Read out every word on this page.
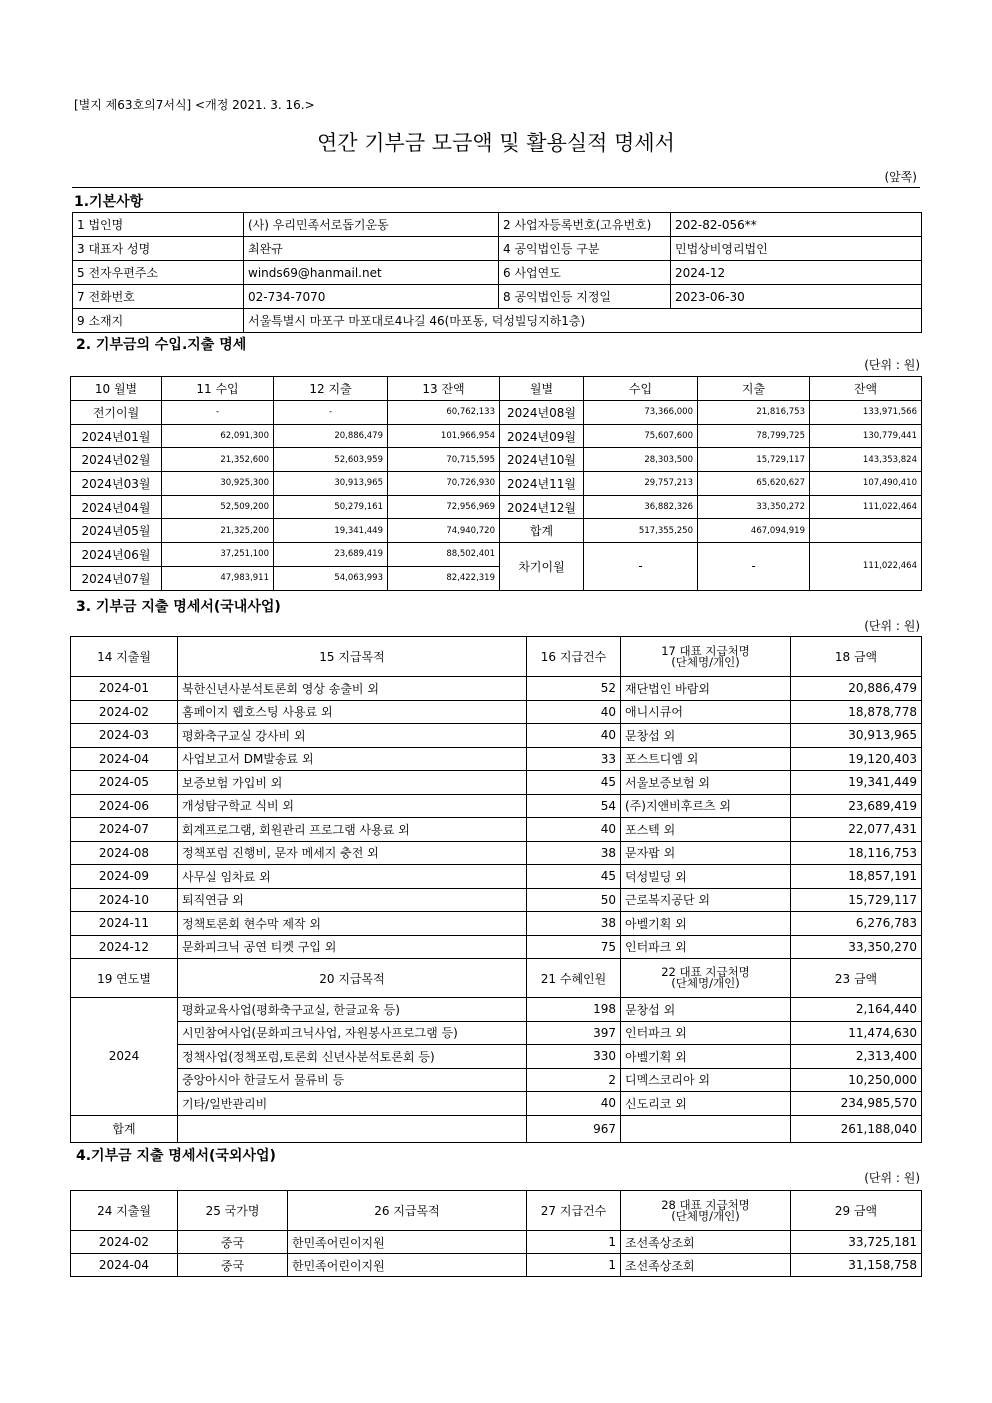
[별지 제63호의7서식] <개정 2021. 3. 16.>
연간 기부금 모금액 및 활용실적 명세서
(앞쪽)
1.기본사항
1 법인명	(사) 우리민족서로돕기운동	2 사업자등록번호(고유번호)	202-82-056**
3 대표자 성명	최완규	4 공익법인등 구분	민법상비영리법인
5 전자우편주소	winds69@hanmail.net	6 사업연도	2024-12
7 전화번호	02-734-7070	8 공익법인등 지정일	2023-06-30
9 소재지	서울특별시 마포구 마포대로4나길 46(마포동, 덕성빌딩지하1층)		
2. 기부금의 수입.지출 명세
(단위 : 원)
10 월별	11 수입	12 지출	13 잔액	월별	수입	지출	잔액
전기이월	-	-	60,762,133	2024년08월	73,366,000	21,816,753	133,971,566
2024년01월	62,091,300	20,886,479	101,966,954	2024년09월	75,607,600	78,799,725	130,779,441
2024년02월	21,352,600	52,603,959	70,715,595	2024년10월	28,303,500	15,729,117	143,353,824
2024년03월	30,925,300	30,913,965	70,726,930	2024년11월	29,757,213	65,620,627	107,490,410
2024년04월	52,509,200	50,279,161	72,956,969	2024년12월	36,882,326	33,350,272	111,022,464
2024년05월	21,325,200	19,341,449	74,940,720	합계	517,355,250	467,094,919	
2024년06월	37,251,100	23,689,419	88,502,401	차기이월	-	-	111,022,464
2024년07월	47,983,911	54,063,993	82,422,319				
3. 기부금 지출 명세서(국내사업)
(단위 : 원)
14 지출월	15 지급목적	16 지급건수	17 대표 지급처명
(단체명/개인)	18 금액
2024-01	북한신년사분석토론회 영상 송출비 외	52	재단법인 바람외	20,886,479
2024-02	홈페이지 웹호스팅 사용료 외	40	애니시큐어	18,878,778
2024-03	평화축구교실 강사비 외	40	문창섭 외	30,913,965
2024-04	사업보고서 DM발송료 외	33	포스트디엠 외	19,120,403
2024-05	보증보험 가입비 외	45	서울보증보험 외	19,341,449
2024-06	개성탐구학교 식비 외	54	(주)지앤비후르츠 외	23,689,419
2024-07	회계프로그램, 회원관리 프로그램 사용료 외	40	포스텍 외	22,077,431
2024-08	정책포럼 진행비, 문자 메세지 충전 외	38	문자팝 외	18,116,753
2024-09	사무실 임차료 외	45	덕성빌딩 외	18,857,191
2024-10	퇴직연금 외	50	근로복지공단 외	15,729,117
2024-11	정책토론회 현수막 제작 외	38	아벨기획 외	6,276,783
2024-12	문화피크닉 공연 티켓 구입 외	75	인터파크 외	33,350,270
19 연도별	20 지급목적	21 수혜인원	22 대표 지급처명
(단체명/개인)	23 금액
2024	평화교육사업(평화축구교실, 한글교육 등)	198	문창섭 외	2,164,440
	시민참여사업(문화피크닉사업, 자원봉사프로그램 등)	397	인터파크 외	11,474,630
	정책사업(정책포럼,토론회 신년사분석토론회 등)	330	아벨기획 외	2,313,400
	중앙아시아 한글도서 물류비 등	2	디멕스코리아 외	10,250,000
	기타/일반관리비	40	신도리코 외	234,985,570
합계		967		261,188,040
4.기부금 지출 명세서(국외사업)
(단위 : 원)
24 지출월	25 국가명	26 지급목적	27 지급건수	28 대표 지급처명
(단체명/개인)	29 금액
2024-02	중국	한민족어린이지원	1	조선족상조회	33,725,181
2024-04	중국	한민족어린이지원	1	조선족상조회	31,158,758
